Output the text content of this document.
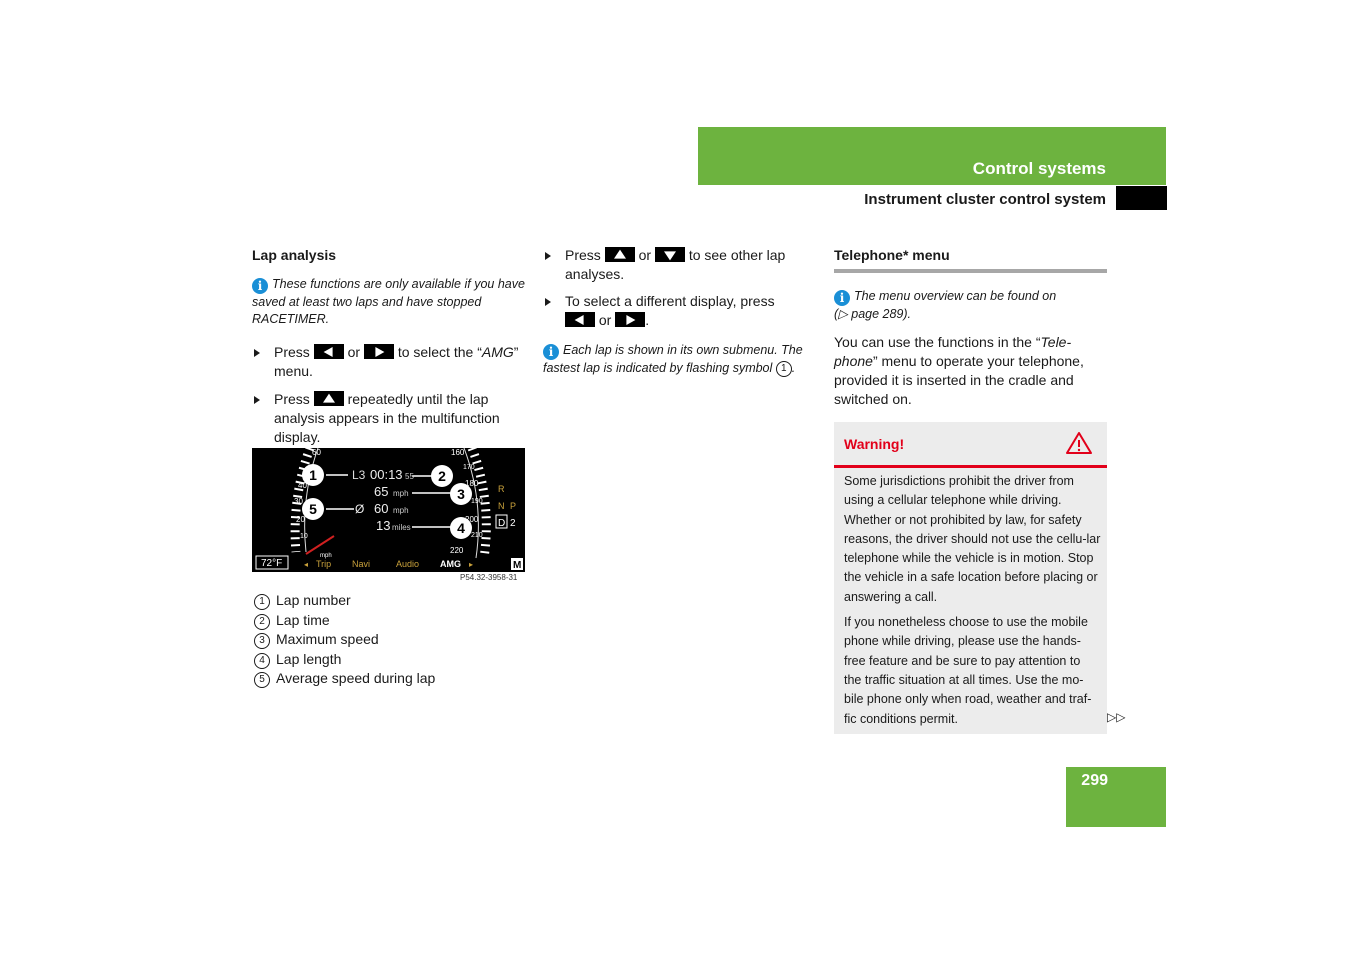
Control systems
Instrument cluster control system
Lap analysis
i These functions are only available if you have saved at least two laps and have stopped RACETIMER.

Press	or	to select the “AMG” menu.

Press	repeatedly until the lap analysis appears in the multifunction display.

1
5
2
3
4
L3 00:13 55
65 mph
Ø 60 mph
13 miles
60
40
30
20
10
mph
160
170
180
190
200
210
220
R
N P
D 2
72°F	◂ Trip Navi	Audio AMG ▸	M
P54.32-3958-31
1 Lap number
2 Lap time
3 Maximum speed
4 Lap length
5 Average speed during lap

Press	or	to see other lap analyses.

To select a different display, press
or .

i Each lap is shown in its own submenu. The fastest lap is indicated by flashing symbol 1 .
Telephone* menu
i The menu overview can be found on
(▷ page 289).

You can use the functions in the “Tele-phone” menu to operate your telephone, provided it is inserted in the cradle and switched on.

Warning!

Some jurisdictions prohibit the driver from using a cellular telephone while driving. Whether or not prohibited by law, for safety reasons, the driver should not use the cellu-lar telephone while the vehicle is in motion. Stop the vehicle in a safe location before placing or answering a call.

If you nonetheless choose to use the mobile phone while driving, please use the hands-free feature and be sure to pay attention to the traffic situation at all times. Use the mo-bile phone only when road, weather and traf-fic conditions permit.	▷▷
299
